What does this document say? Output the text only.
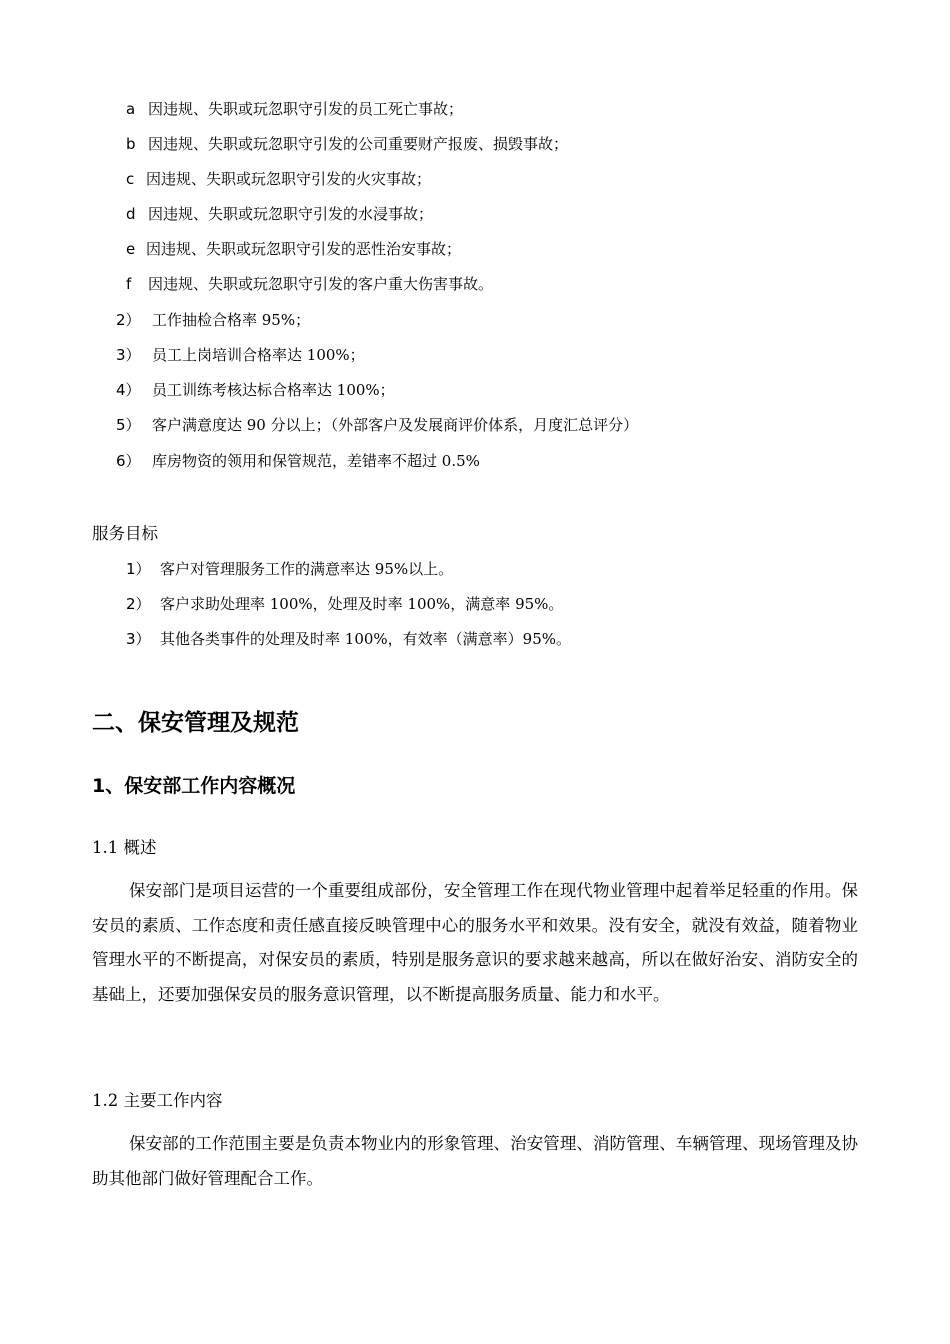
a 因违规、失职或玩忽职守引发的员工死亡事故；
b 因违规、失职或玩忽职守引发的公司重要财产报废、损毁事故；
c 因违规、失职或玩忽职守引发的火灾事故；
d 因违规、失职或玩忽职守引发的水浸事故；
e 因违规、失职或玩忽职守引发的恶性治安事故；
f 因违规、失职或玩忽职守引发的客户重大伤害事故。
2） 工作抽检合格率 95%；
3） 员工上岗培训合格率达 100%；
4） 员工训练考核达标合格率达 100%；
5） 客户满意度达 90 分以上；（外部客户及发展商评价体系，月度汇总评分）
6） 库房物资的领用和保管规范，差错率不超过 0.5%
服务目标
1） 客户对管理服务工作的满意率达 95%以上。
2） 客户求助处理率 100%，处理及时率 100%，满意率 95%。
3） 其他各类事件的处理及时率 100%，有效率（满意率）95%。
二、保安管理及规范
1、保安部工作内容概况
1.1 概述
保安部门是项目运营的一个重要组成部份，安全管理工作在现代物业管理中起着举足轻重的作用。保安员的素质、工作态度和责任感直接反映管理中心的服务水平和效果。没有安全，就没有效益，随着物业管理水平的不断提高，对保安员的素质，特别是服务意识的要求越来越高，所以在做好治安、消防安全的基础上，还要加强保安员的服务意识管理，以不断提高服务质量、能力和水平。
1.2 主要工作内容
保安部的工作范围主要是负责本物业内的形象管理、治安管理、消防管理、车辆管理、现场管理及协助其他部门做好管理配合工作。
